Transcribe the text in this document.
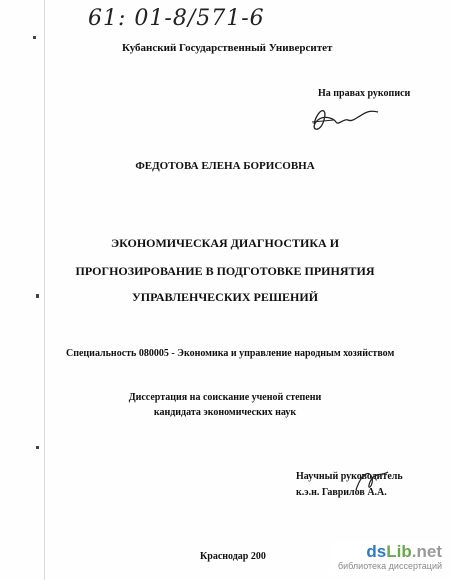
61: 01-8/571-6
Кубанский Государственный Университет
На правах рукописи
ФЕДОТОВА ЕЛЕНА БОРИСОВНА
ЭКОНОМИЧЕСКАЯ ДИАГНОСТИКА И
ПРОГНОЗИРОВАНИЕ В ПОДГОТОВКЕ ПРИНЯТИЯ
УПРАВЛЕНЧЕСКИХ РЕШЕНИЙ
Специальность 080005 - Экономика и управление народным хозяйством
Диссертация на соискание ученой степени
кандидата экономических наук
Научный руководитель
к.э.н. Гаврилов А.А.
Краснодар 200	dsLib.net
библиотека диссертаций
